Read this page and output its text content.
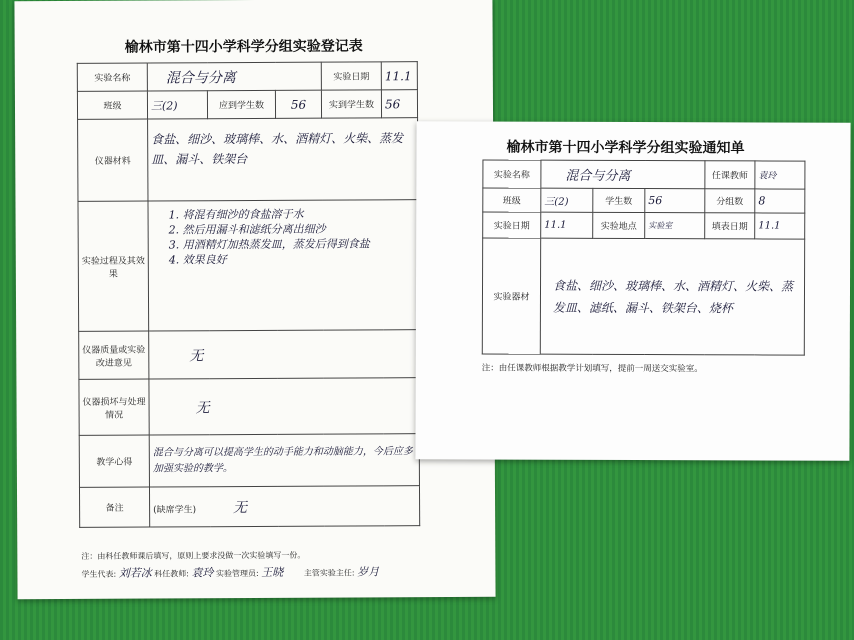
榆林市第十四小学科学分组实验登记表
实验名称	混合与分离			实验日期	11.1
班级	三(2)	应到学生数	56	实到学生数	56
仪器材料	食盐、细沙、玻璃棒、水、酒精灯、火柴、蒸发皿、漏斗、铁架台				
实验过程及其效果	1. 将混有细沙的食盐溶于水
2. 然后用漏斗和滤纸分离出细沙
3. 用酒精灯加热蒸发皿，蒸发后得到食盐
4. 效果良好				

仪器质量或实验改进意见	无				
仪器损坏与处理情况	无				
教学心得	混合与分离可以提高学生的动手能力和动脑能力，今后应多加强实验的教学。				
备注	(缺席学生) 无				
注：由科任教师课后填写，原则上要求没做一次实验填写一份。
学生代表: 刘若冰 科任教师: 袁玲 实验管理员: 王晓	主管实验主任: 岁月
榆林市第十四小学科学分组实验通知单
实验名称	混合与分离			任课教师	袁玲
班级	三(2)	学生数	56	分组数	8
实验日期	11.1	实验地点	实验室	填表日期	11.1
实验器材	食盐、细沙、玻璃棒、水、酒精灯、火柴、蒸发皿、滤纸、漏斗、铁架台、烧杯				
注：由任课教师根据教学计划填写，提前一周送交实验室。
